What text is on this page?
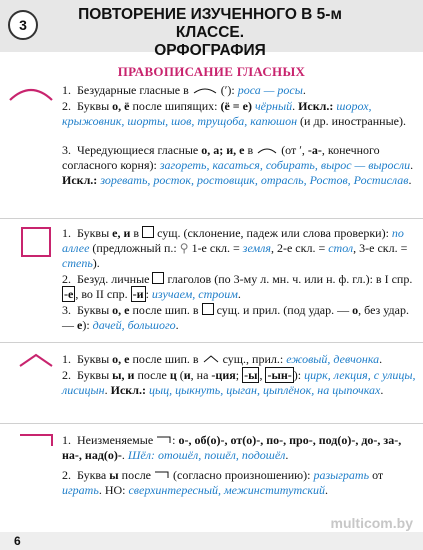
3
ПОВТОРЕНИЕ ИЗУЧЕННОГО В 5-м КЛАССЕ.
ОРФОГРАФИЯ
ПРАВОПИСАНИЕ ГЛАСНЫХ
1. Безударные гласные в  (ʹ): роса — росы.
2. Буквы о, ё после шипящих: (ё = е) чёрный. Искл.: шорох, крыжовник, шорты, шов, трущоба, капюшон (и др. иностранные).
3. Чередующиеся гласные о, а; и, е в  (от ʹ, -а-, конечного согласного корня): загореть, касаться, собирать, вырос — выросли. Искл.: зоревать, росток, ростовщик, отрасль, Ростов, Ростислав.
1. Буквы е, и в  сущ. (склонение, падеж или слова проверки): по аллее (предложный п.: ⚲ 1-е скл. = земля, 2-е скл. = стол, 3-е скл. = степь).
2. Безуд. личные  глаголов (по 3-му л. мн. ч. или н. ф. гл.): в I спр. -е , во II спр. -и : изучаем, строим.
3. Буквы о, е после шип. в  сущ. и прил. (под удар. — о, без удар. — е): дачей, большого.
1. Буквы о, е после шип. в  сущ., прил.: ежовый, девчонка.
2. Буквы ы, и после ц (и, на -ция; -ы , -ын- ): цирк, лекция, с улицы, лисицын. Искл.: цыц, цыкнуть, цыган, цыплёнок, на цыпочках.
1. Неизменяемые : о-, об(о)-, от(о)-, по-, про-, под(о)-, до-, за-, на-, над(о)-. Шёл: отошёл, пошёл, подошёл.
2. Буква ы после  (согласно произношению): разыграть от играть. НО: сверхинтересный, межинститутский.
6
multicom.by
